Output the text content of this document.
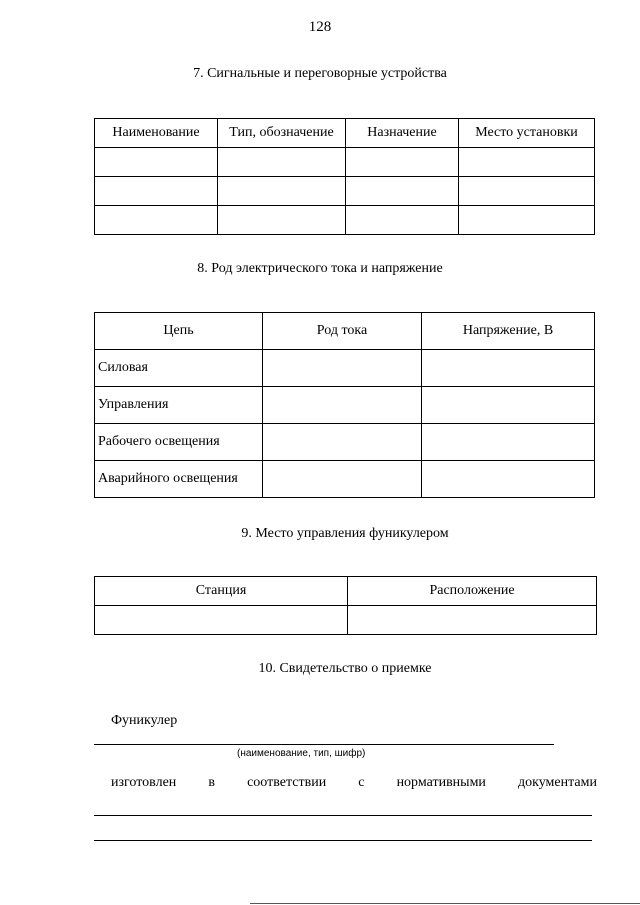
128
7. Сигнальные и переговорные устройства
Наименование	Тип, обозначение	Назначение	Место установки

8. Род электрического тока и напряжение
Цепь	Род тока	Напряжение, В
Силовая		
Управления		
Рабочего освещения		
Аварийного освещения		
9. Место управления фуникулером
Станция	Расположение

10. Свидетельство о приемке
Фуникулер
(наименование, тип, шифр)
изготовлен в соответствии с нормативными документами
